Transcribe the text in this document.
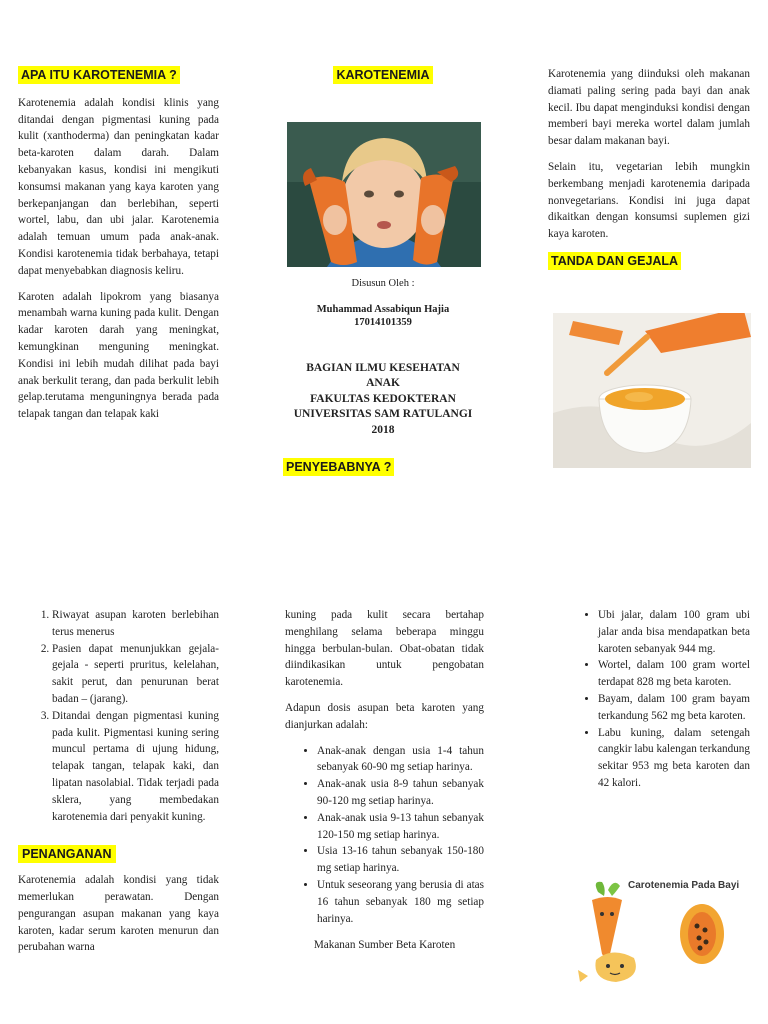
APA ITU KAROTENEMIA ?

Karotenemia adalah kondisi klinis yang ditandai dengan pigmentasi kuning pada kulit (xanthoderma) dan peningkatan kadar beta-karoten dalam darah. Dalam kebanyakan kasus, kondisi ini mengikuti konsumsi makanan yang kaya karoten yang berkepanjangan dan berlebihan, seperti wortel, labu, dan ubi jalar. Karotenemia adalah temuan umum pada anak-anak. Kondisi karotenemia tidak berbahaya, tetapi dapat menyebabkan diagnosis keliru.

Karoten adalah lipokrom yang biasanya menambah warna kuning pada kulit. Dengan kadar karoten darah yang meningkat, kemungkinan menguning meningkat. Kondisi ini lebih mudah dilihat pada bayi anak berkulit terang, dan pada berkulit lebih gelap.terutama menguningnya berada pada telapak tangan dan telapak kaki

KAROTENEMIA
Disusun Oleh :
Muhammad Assabiqun Hajia
17014101359
BAGIAN ILMU KESEHATAN
ANAK
FAKULTAS KEDOKTERAN
UNIVERSITAS SAM RATULANGI
2018
PENYEBABNYA ?

Karotenemia yang diinduksi oleh makanan diamati paling sering pada bayi dan anak kecil. Ibu dapat menginduksi kondisi dengan memberi bayi mereka wortel dalam jumlah besar dalam makanan bayi.

Selain itu, vegetarian lebih mungkin berkembang menjadi karotenemia daripada nonvegetarians. Kondisi ini juga dapat dikaitkan dengan konsumsi suplemen gizi kaya karoten.

TANDA DAN GEJALA
1. Riwayat asupan karoten berlebihan terus menerus
2. Pasien dapat menunjukkan gejala-gejala - seperti pruritus, kelelahan, sakit perut, dan penurunan berat badan – (jarang).
3. Ditandai dengan pigmentasi kuning pada kulit. Pigmentasi kuning sering muncul pertama di ujung hidung, telapak tangan, telapak kaki, dan lipatan nasolabial. Tidak terjadi pada sklera, yang membedakan karotenemia dari penyakit kuning.
PENANGANAN

Karotenemia adalah kondisi yang tidak memerlukan perawatan. Dengan pengurangan asupan makanan yang kaya karoten, kadar serum karoten menurun dan perubahan warna

kuning pada kulit secara bertahap menghilang selama beberapa minggu hingga berbulan-bulan. Obat-obatan tidak diindikasikan untuk pengobatan karotenemia.

Adapun dosis asupan beta karoten yang dianjurkan adalah:

• Anak-anak dengan usia 1-4 tahun sebanyak 60-90 mg setiap harinya.
• Anak-anak usia 8-9 tahun sebanyak 90-120 mg setiap harinya.
• Anak-anak usia 9-13 tahun sebanyak 120-150 mg setiap harinya.
• Usia 13-16 tahun sebanyak 150-180 mg setiap harinya.
• Untuk seseorang yang berusia di atas 16 tahun sebanyak 180 mg setiap harinya.
Makanan Sumber Beta Karoten
• Ubi jalar, dalam 100 gram ubi jalar anda bisa mendapatkan beta karoten sebanyak 944 mg.
• Wortel, dalam 100 gram wortel terdapat 828 mg beta karoten.
• Bayam, dalam 100 gram bayam terkandung 562 mg beta karoten.
• Labu kuning, dalam setengah cangkir labu kalengan terkandung sekitar 953 mg beta karoten dan 42 kalori.
Carotenemia Pada Bayi
